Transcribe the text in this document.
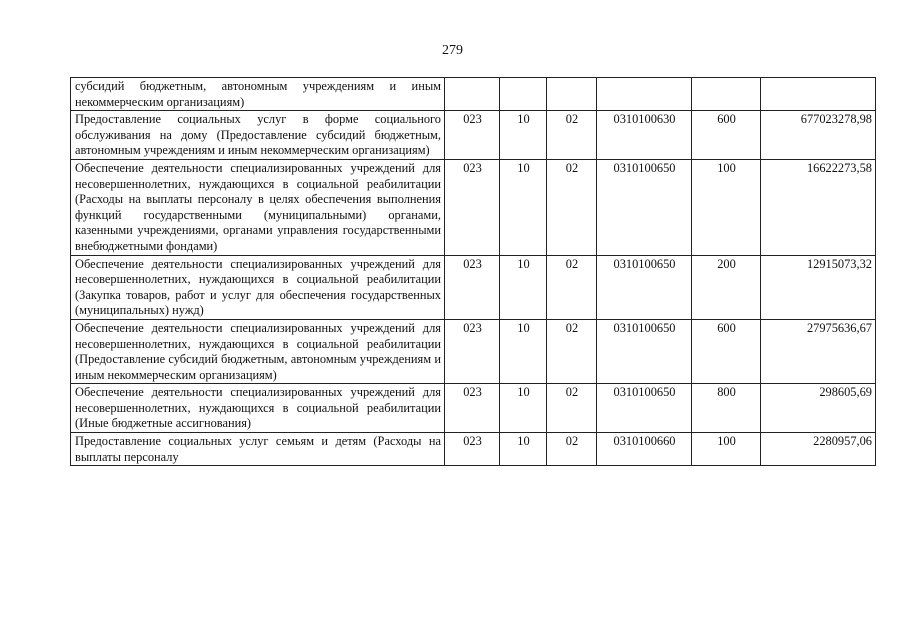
279
субсидий бюджетным, автономным учреждениям и иным некоммерческим организациям)						
Предоставление социальных услуг в форме социального обслуживания на дому (Предоставление субсидий бюджетным, автономным учреждениям и иным некоммерческим организациям)	023	10	02	0310100630	600	677023278,98
Обеспечение деятельности специализированных учреждений для несовершеннолетних, нуждающихся в социальной реабилитации (Расходы на выплаты персоналу в целях обеспечения выполнения функций государственными (муниципальными) органами, казенными учреждениями, органами управления государственными внебюджетными фондами)	023	10	02	0310100650	100	16622273,58
Обеспечение деятельности специализированных учреждений для несовершеннолетних, нуждающихся в социальной реабилитации (Закупка товаров, работ и услуг для обеспечения государственных (муниципальных) нужд)	023	10	02	0310100650	200	12915073,32
Обеспечение деятельности специализированных учреждений для несовершеннолетних, нуждающихся в социальной реабилитации (Предоставление субсидий бюджетным, автономным учреждениям и иным некоммерческим организациям)	023	10	02	0310100650	600	27975636,67
Обеспечение деятельности специализированных учреждений для несовершеннолетних, нуждающихся в социальной реабилитации (Иные бюджетные ассигнования)	023	10	02	0310100650	800	298605,69
Предоставление социальных услуг семьям и детям (Расходы на выплаты персоналу	023	10	02	0310100660	100	2280957,06
